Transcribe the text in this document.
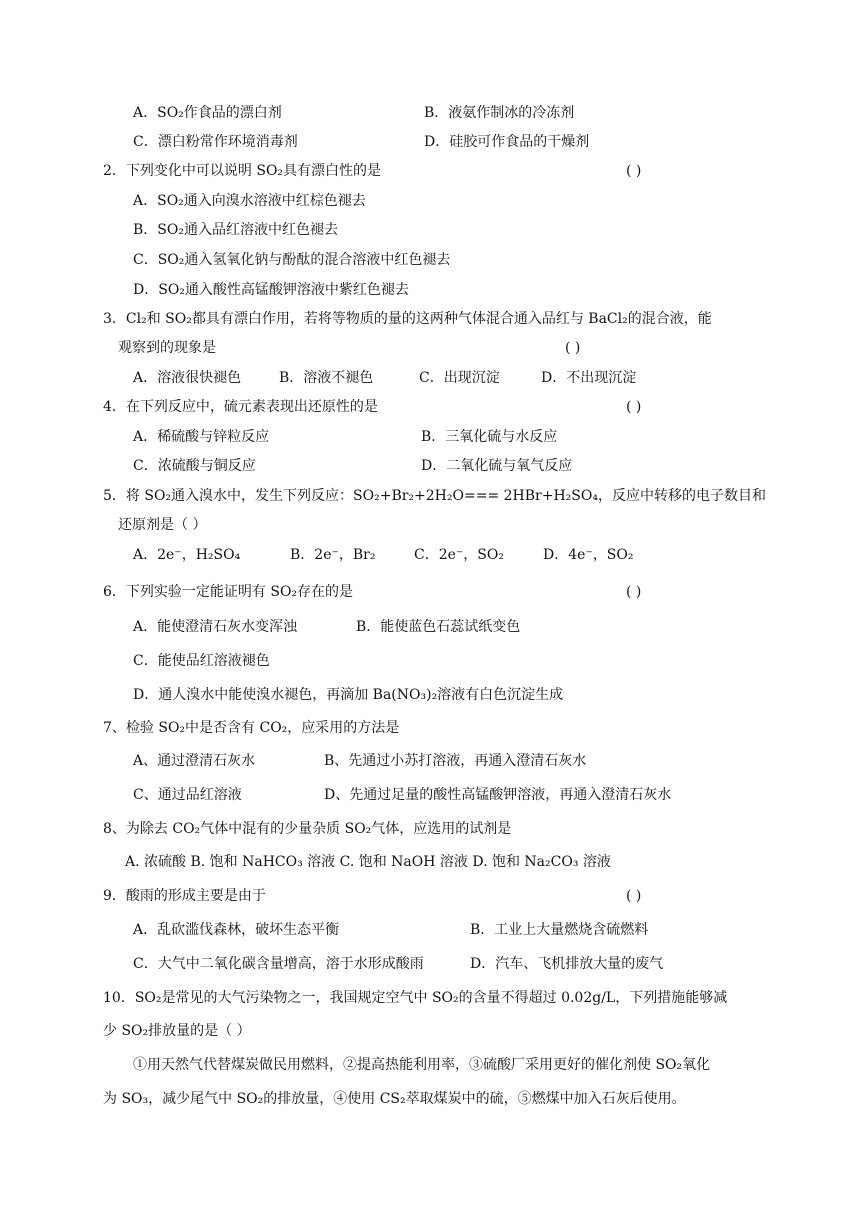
A．SO₂作食品的漂白剂	B．液氨作制冰的冷冻剂
C．漂白粉常作环境消毒剂	D．硅胶可作食品的干燥剂
2．下列变化中可以说明 SO₂具有漂白性的是	( )
A．SO₂通入向溴水溶液中红棕色褪去
B．SO₂通入品红溶液中红色褪去
C．SO₂通入氢氧化钠与酚酞的混合溶液中红色褪去
D．SO₂通入酸性高锰酸钾溶液中紫红色褪去
3．Cl₂和 SO₂都具有漂白作用，若将等物质的量的这两种气体混合通入品红与 BaCl₂的混合液，能
观察到的现象是	( )
A．溶液很快褪色	B．溶液不褪色	C．出现沉淀	D．不出现沉淀
4．在下列反应中，硫元素表现出还原性的是	( )
A．稀硫酸与锌粒反应	B．三氧化硫与水反应
C．浓硫酸与铜反应	D．二氧化硫与氧气反应
5．将 SO₂通入溴水中，发生下列反应：SO₂+Br₂+2H₂O=== 2HBr+H₂SO₄，反应中转移的电子数目和
还原剂是（ ）
A．2e⁻，H₂SO₄	B．2e⁻，Br₂	C．2e⁻，SO₂	D．4e⁻，SO₂
6．下列实验一定能证明有 SO₂存在的是	( )
A．能使澄清石灰水变浑浊	B．能使蓝色石蕊试纸变色
C．能使品红溶液褪色
D．通人溴水中能使溴水褪色，再滴加 Ba(NO₃)₂溶液有白色沉淀生成
7、检验 SO₂中是否含有 CO₂，应采用的方法是
A、通过澄清石灰水	B、先通过小苏打溶液，再通入澄清石灰水
C、通过品红溶液	D、先通过足量的酸性高锰酸钾溶液，再通入澄清石灰水
8、为除去 CO₂气体中混有的少量杂质 SO₂气体，应选用的试剂是
A. 浓硫酸 B. 饱和 NaHCO₃ 溶液 C. 饱和 NaOH 溶液 D. 饱和 Na₂CO₃ 溶液
9．酸雨的形成主要是由于	( )
A．乱砍滥伐森林，破坏生态平衡	B．工业上大量燃烧含硫燃料
C．大气中二氧化碳含量增高，溶于水形成酸雨	D．汽车、飞机排放大量的废气
10．SO₂是常见的大气污染物之一，我国规定空气中 SO₂的含量不得超过 0.02g/L，下列措施能够减
少 SO₂排放量的是（ ）
①用天然气代替煤炭做民用燃料，②提高热能利用率，③硫酸厂采用更好的催化剂使 SO₂氧化
为 SO₃，减少尾气中 SO₂的排放量，④使用 CS₂萃取煤炭中的硫，⑤燃煤中加入石灰后使用。
